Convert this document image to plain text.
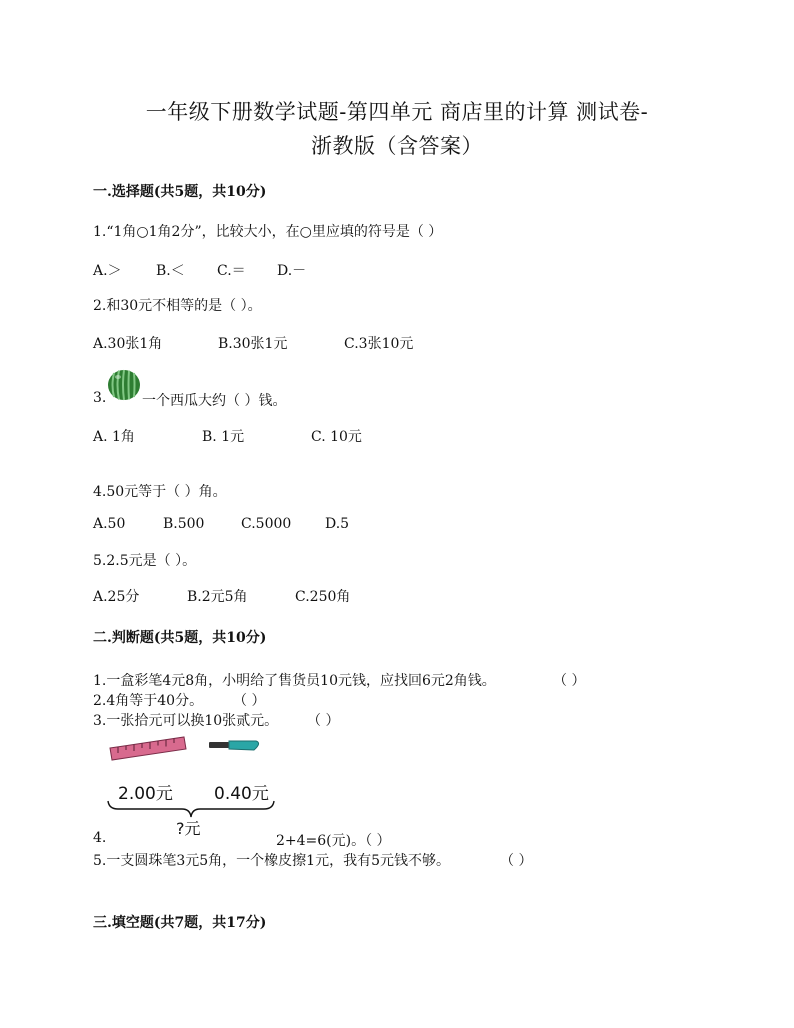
一年级下册数学试题-第四单元 商店里的计算 测试卷-
浙教版（含答案）
一.选择题(共5题，共10分)
1.“1角○1角2分”，比较大小，在○里应填的符号是（ ）
A.＞ B.＜ C.＝ D.－
2.和30元不相等的是（ ）。
A.30张1角	B.30张1元	C.3张10元
3.	一个西瓜大约（ ）钱。
A. 1角	B. 1元	C. 10元
4.50元等于（ ）角。
A.50	B.500	C.5000 D.5
5.2.5元是（ ）。
A.25分	B.2元5角	C.250角
二.判断题(共5题，共10分)
1.一盒彩笔4元8角，小明给了售货员10元钱，应找回6元2角钱。	（ ）
2.4角等于40分。 （ ）
3.一张拾元可以换10张贰元。 （ ）
4.
2.00元 0.40元
?元
2+4=6(元)。（ ）
5.一支圆珠笔3元5角，一个橡皮擦1元，我有5元钱不够。	（ ）
三.填空题(共7题，共17分)
